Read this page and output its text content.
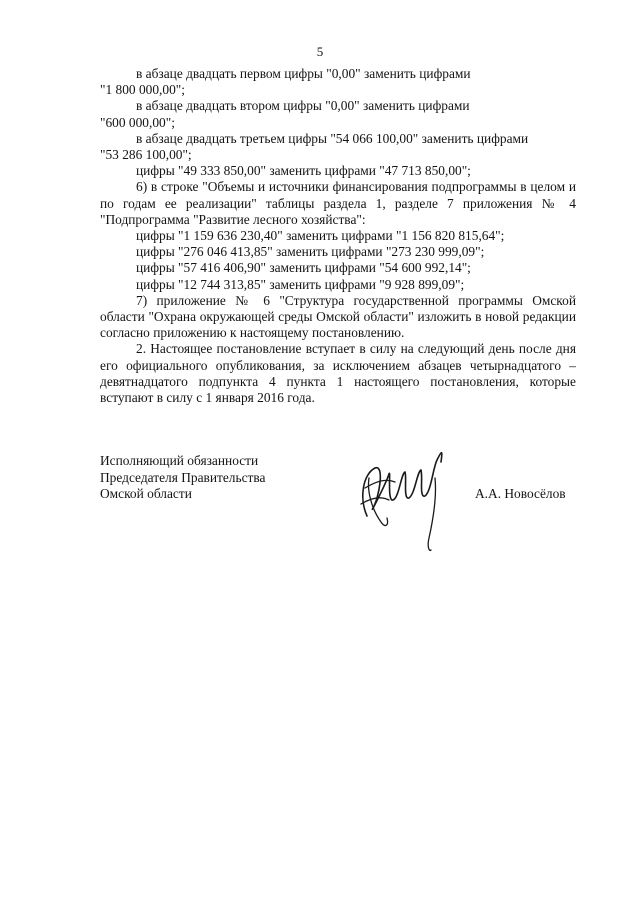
5

в абзаце двадцать первом цифры "0,00" заменить цифрами

"1 800 000,00";

в абзаце двадцать втором цифры "0,00" заменить цифрами

"600 000,00";

в абзаце двадцать третьем цифры "54 066 100,00" заменить цифрами

"53 286 100,00";

цифры "49 333 850,00" заменить цифрами "47 713 850,00";

6) в строке "Объемы и источники финансирования подпрограммы в целом и по годам ее реализации" таблицы раздела 1, разделе 7 приложения № 4 "Подпрограмма "Развитие лесного хозяйства":

цифры "1 159 636 230,40" заменить цифрами "1 156 820 815,64";

цифры "276 046 413,85" заменить цифрами "273 230 999,09";

цифры "57 416 406,90" заменить цифрами "54 600 992,14";

цифры "12 744 313,85" заменить цифрами "9 928 899,09";

7) приложение № 6 "Структура государственной программы Омской области "Охрана окружающей среды Омской области" изложить в новой редакции согласно приложению к настоящему постановлению.

2. Настоящее постановление вступает в силу на следующий день после дня его официального опубликования, за исключением абзацев четырнадцатого – девятнадцатого подпункта 4 пункта 1 настоящего постановления, которые вступают в силу с 1 января 2016 года.

Исполняющий обязанности
Председателя Правительства
Омской области	А.А. Новосёлов
